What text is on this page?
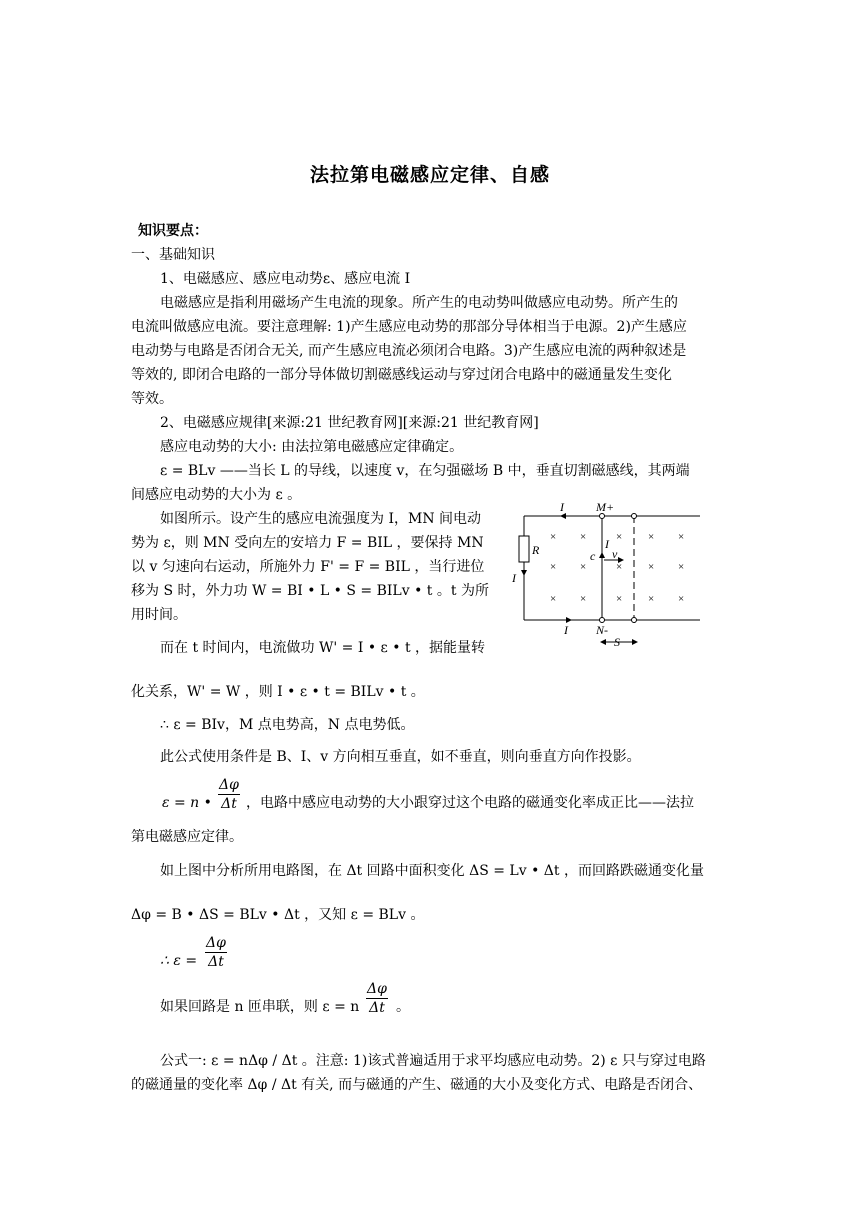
法拉第电磁感应定律、自感
知识要点：
一、基础知识
1、电磁感应、感应电动势ε、感应电流 I
电磁感应是指利用磁场产生电流的现象。所产生的电动势叫做感应电动势。所产生的
电流叫做感应电流。要注意理解: 1)产生感应电动势的那部分导体相当于电源。2)产生感应
电动势与电路是否闭合无关, 而产生感应电流必须闭合电路。3)产生感应电流的两种叙述是
等效的, 即闭合电路的一部分导体做切割磁感线运动与穿过闭合电路中的磁通量发生变化
等效。
2、电磁感应规律[来源:21 世纪教育网][来源:21 世纪教育网]
感应电动势的大小: 由法拉第电磁感应定律确定。
ε = BLv ——当长 L 的导线，以速度 v，在匀强磁场 B 中，垂直切割磁感线，其两端
间感应电动势的大小为 ε 。
如图所示。设产生的感应电流强度为 I，MN 间电动
势为 ε，则 MN 受向左的安培力 F = BIL ，要保持 MN
以 v 匀速向右运动，所施外力 F' = F = BIL ，当行进位
移为 S 时，外力功 W = BI • L • S = BILv • t 。t 为所
用时间。
而在 t 时间内，电流做功 W' = I • ε • t ，据能量转
化关系，W' = W ，则 I • ε • t = BILv • t 。
∴ ε = BIv，M 点电势高，N 点电势低。
此公式使用条件是 B、I、v 方向相互垂直，如不垂直，则向垂直方向作投影。
ε = n • $\frac{\Delta\varphi}{\Delta t}$ ，电路中感应电动势的大小跟穿过这个电路的磁通变化率成正比——法拉
第电磁感应定律。
如上图中分析所用电路图，在 Δt 回路中面积变化 ΔS = Lv • Δt ，而回路跌磁通变化量
Δφ = B • ΔS = BLv • Δt ，又知 ε = BLv 。
∴ $\varepsilon = \frac{\Delta\varphi}{\Delta t}$
如果回路是 n 匝串联，则 ε = n $\frac{\Delta\varphi}{\Delta t}$ 。
公式一: ε = nΔφ / Δt 。注意: 1)该式普遍适用于求平均感应电动势。2) ε 只与穿过电路
的磁通量的变化率 Δφ / Δt 有关, 而与磁通的产生、磁通的大小及变化方式、电路是否闭合、
I	M+
R
I
I
c v
I N-
S
× ×	× × ×
× ×	× × ×
× ×	× × ×
